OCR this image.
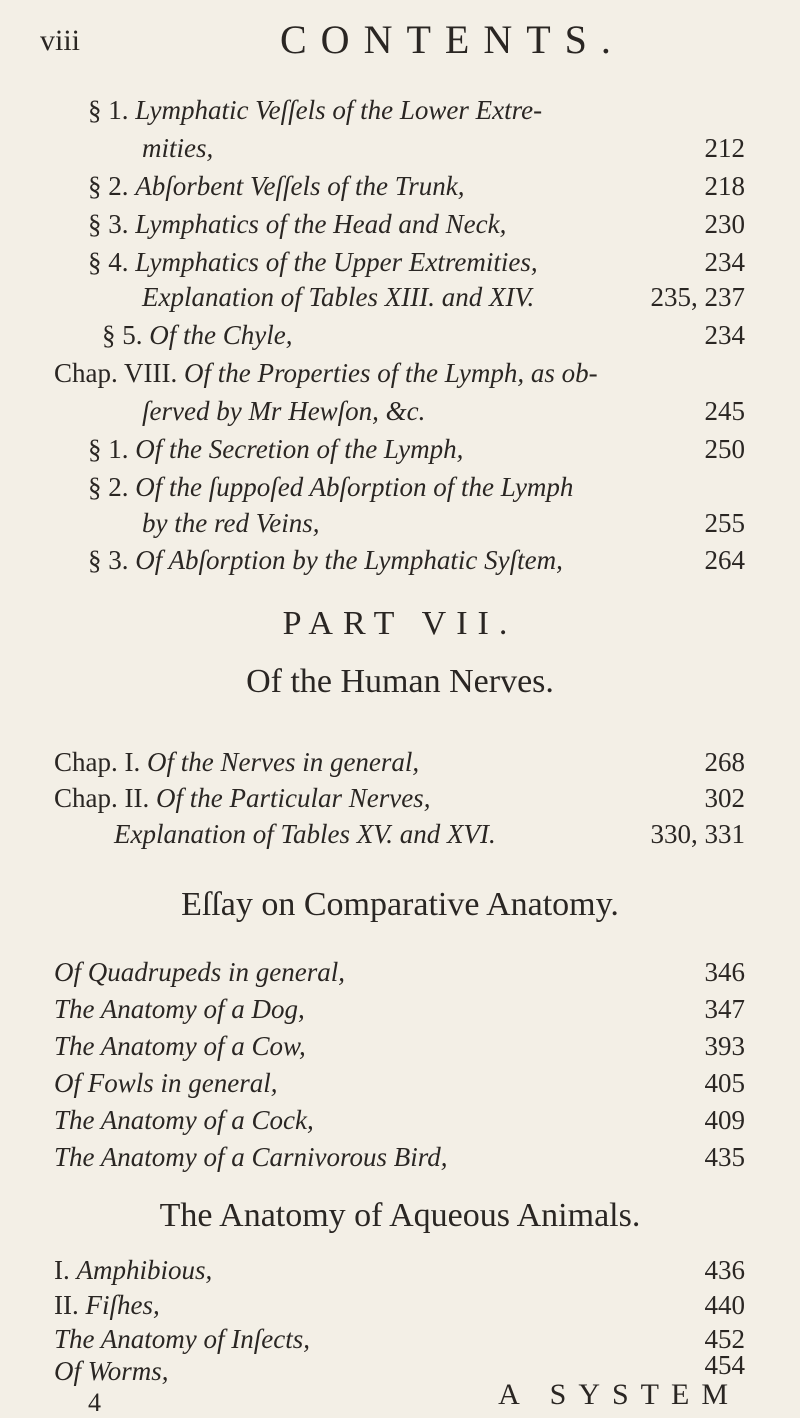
viii	CONTENTS.
§ 1. Lymphatic Veſſels of the Lower Extre-
mities,	212
§ 2. Abſorbent Veſſels of the Trunk,	218
§ 3. Lymphatics of the Head and Neck,	230
§ 4. Lymphatics of the Upper Extremities,	234
Explanation of Tables XIII. and XIV.	235, 237
§ 5. Of the Chyle,	234
Chap. VIII. Of the Properties of the Lymph, as ob-
ſerved by Mr Hewſon, &c.	245
§ 1. Of the Secretion of the Lymph,	250
§ 2. Of the ſuppoſed Abſorption of the Lymph
by the red Veins,	255
§ 3. Of Abſorption by the Lymphatic Syſtem,	264
PART VII.
Of the Human Nerves.
Chap. I. Of the Nerves in general,	268
Chap. II. Of the Particular Nerves,	302
Explanation of Tables XV. and XVI.	330, 331
Eſſay on Comparative Anatomy.
Of Quadrupeds in general,	346
The Anatomy of a Dog,	347
The Anatomy of a Cow,	393
Of Fowls in general,	405
The Anatomy of a Cock,	409
The Anatomy of a Carnivorous Bird,	435
The Anatomy of Aqueous Animals.
I. Amphibious,	436
II. Fiſhes,	440
The Anatomy of Inſects,	452
Of Worms,	454
A SYSTEM
4
